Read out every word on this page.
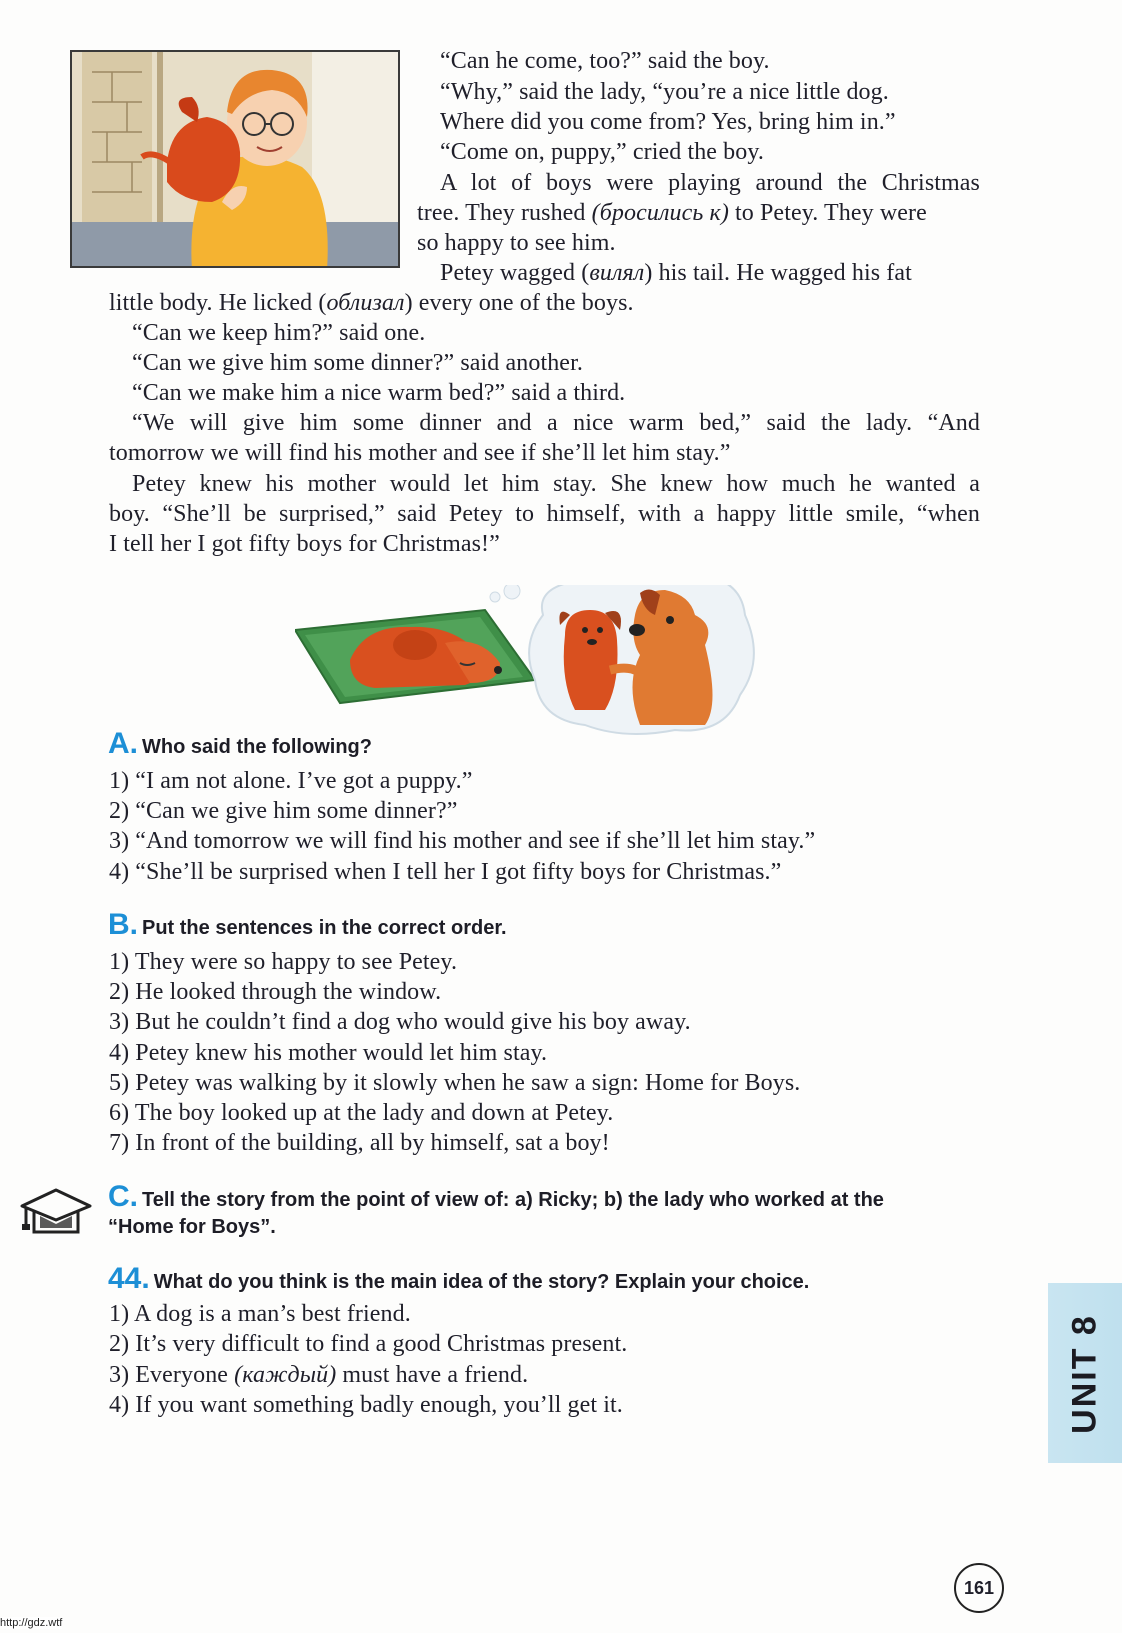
“Can he come, too?” said the boy.
“Why,” said the lady, “you’re a nice little dog.
Where did you come from? Yes, bring him in.”
“Come on, puppy,” cried the boy.
A lot of boys were playing around the Christmas
tree. They rushed (бросились к) to Petey. They were
so happy to see him.
Petey wagged (вилял) his tail. He wagged his fat
little body. He licked (облизал) every one of the boys.
“Can we keep him?” said one.
“Can we give him some dinner?” said another.
“Can we make him a nice warm bed?” said a third.
“We will give him some dinner and a nice warm bed,” said the lady. “And
tomorrow we will find his mother and see if she’ll let him stay.”
Petey knew his mother would let him stay. She knew how much he wanted a
boy. “She’ll be surprised,” said Petey to himself, with a happy little smile, “when
I tell her I got fifty boys for Christmas!”
A. Who said the following?
1) “I am not alone. I’ve got a puppy.”
2) “Can we give him some dinner?”
3) “And tomorrow we will find his mother and see if she’ll let him stay.”
4) “She’ll be surprised when I tell her I got fifty boys for Christmas.”
B. Put the sentences in the correct order.
1) They were so happy to see Petey.
2) He looked through the window.
3) But he couldn’t find a dog who would give his boy away.
4) Petey knew his mother would let him stay.
5) Petey was walking by it slowly when he saw a sign: Home for Boys.
6) The boy looked up at the lady and down at Petey.
7) In front of the building, all by himself, sat a boy!
C. Tell the story from the point of view of: a) Ricky; b) the lady who worked at the
“Home for Boys”.
44. What do you think is the main idea of the story? Explain your choice.
1) A dog is a man’s best friend.
2) It’s very difficult to find a good Christmas present.
3) Everyone (каждый) must have a friend.
4) If you want something badly enough, you’ll get it.	UNIT 8
161
http://gdz.wtf
